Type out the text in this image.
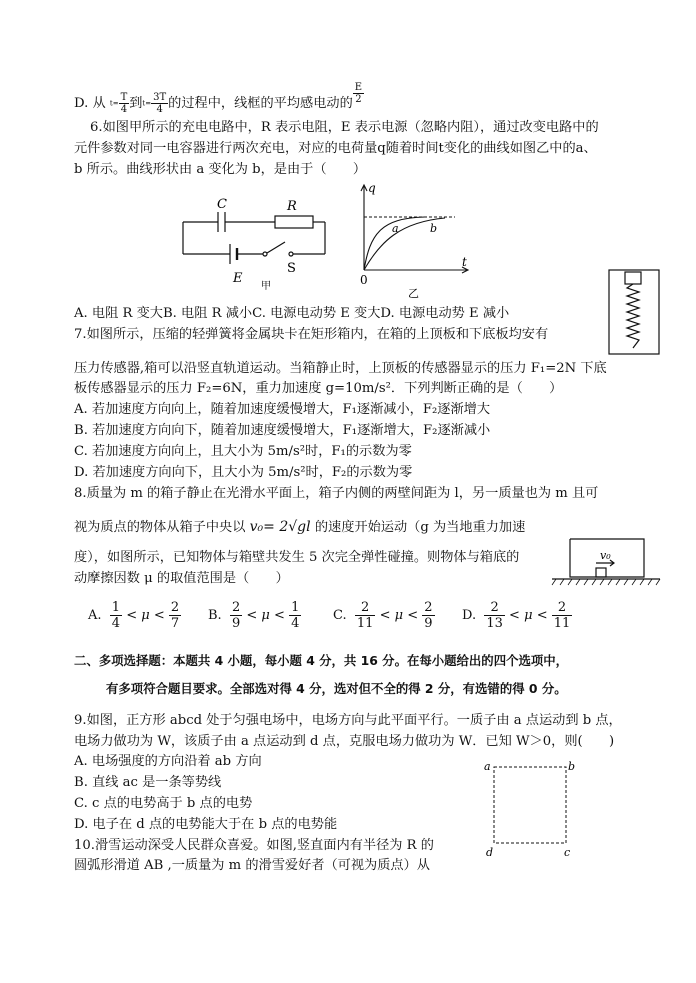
D. 从 $t= \frac{T}{4}$ 到$t= \frac{3T}{4}$ 的过程中，线框的平均感电动的 $\frac{E}{2}$
6.如图甲所示的充电电路中，R 表示电阻，E 表示电源（忽略内阻），通过改变电路中的
元件参数对同一电容器进行两次充电，对应的电荷量q随着时间t变化的曲线如图乙中的a、
b 所示。曲线形状由 a 变化为 b，是由于（　　）
C	R
E
S
甲
q
t
0
a	b
乙
A. 电阻 R 变大B. 电阻 R 减小C. 电源电动势 E 变大D. 电源电动势 E 减小
7.如图所示，压缩的轻弹簧将金属块卡在矩形箱内，在箱的上顶板和下底板均安有
压力传感器,箱可以沿竖直轨道运动。当箱静止时，上顶板的传感器显示的压力 F₁=2N 下底
板传感器显示的压力 F₂=6N，重力加速度 g=10m/s²．下列判断正确的是（　　）
A. 若加速度方向向上，随着加速度缓慢增大，F₁逐渐减小，F₂逐渐增大
B. 若加速度方向向下，随着加速度缓慢增大，F₁逐渐增大，F₂逐渐减小
C. 若加速度方向向上，且大小为 5m/s²时，F₁的示数为零
D. 若加速度方向向下，且大小为 5m/s²时，F₂的示数为零
8.质量为 m 的箱子静止在光滑水平面上，箱子内侧的两壁间距为 l，另一质量也为 m 且可
视为质点的物体从箱子中央以 v₀= 2√gl 的速度开始运动（g 为当地重力加速
度），如图所示，已知物体与箱壁共发生 5 次完全弹性碰撞。则物体与箱底的
动摩擦因数 μ 的取值范围是（　　）
v₀
A. $\frac{1}{4} < \mu < \frac{2}{7} B$. $\frac{2}{9} < \mu < \frac{1}{4} C$. $\frac{2}{11} < \mu < \frac{2}{9} D$. $\frac{2}{13} < \mu < \frac{2}{11}$
二、多项选择题：本题共 4 小题，每小题 4 分，共 16 分。在每小题给出的四个选项中，
有多项符合题目要求。全部选对得 4 分，选对但不全的得 2 分，有选错的得 0 分。
9.如图，正方形 abcd 处于匀强电场中，电场方向与此平面平行。一质子由 a 点运动到 b 点，
电场力做功为 W，该质子由 a 点运动到 d 点，克服电场力做功为 W．已知 W＞0，则(　　)
A. 电场强度的方向沿着 ab 方向
B. 直线 ac 是一条等势线
C. c 点的电势高于 b 点的电势
D. 电子在 d 点的电势能大于在 b 点的电势能
a	b
c
d
10.滑雪运动深受人民群众喜爱。如图,竖直面内有半径为 R 的
圆弧形滑道 AB ,一质量为 m 的滑雪爱好者（可视为质点）从
